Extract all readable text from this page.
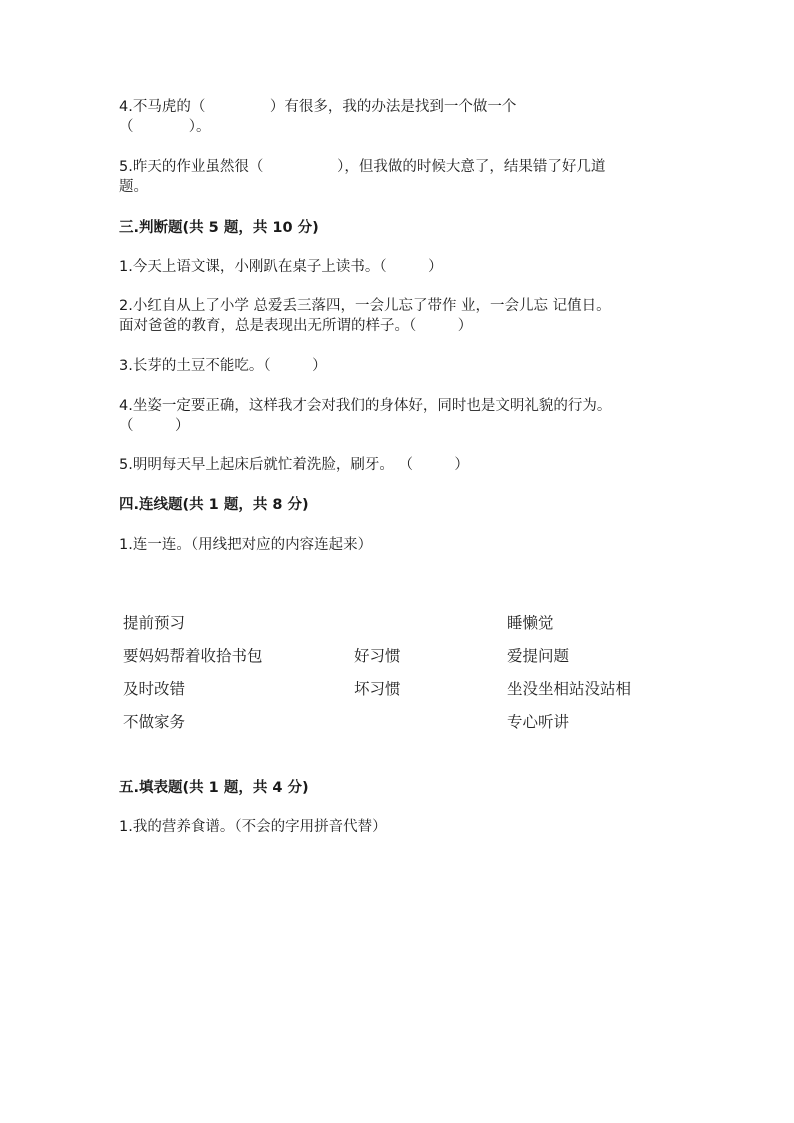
4.不马虎的（              ）有很多，我的办法是找到一个做一个
（            ）。
5.昨天的作业虽然很（                ），但我做的时候大意了，结果错了好几道
题。
三.判断题(共 5 题，共 10 分)
1.今天上语文课，小刚趴在桌子上读书。（         ）
2.小红自从上了小学 总爱丢三落四，一会儿忘了带作 业，一会儿忘 记值日。
面对爸爸的教育，总是表现出无所谓的样子。（         ）
3.长芽的土豆不能吃。（         ）
4.坐姿一定要正确，这样我才会对我们的身体好，同时也是文明礼貌的行为。
（         ）
5.明明每天早上起床后就忙着洗脸，刷牙。 （         ）
四.连线题(共 1 题，共 8 分)
1.连一连。（用线把对应的内容连起来）
提前预习
要妈妈帮着收拾书包
及时改错
不做家务
好习惯
坏习惯
睡懒觉
爱提问题
坐没坐相站没站相
专心听讲
五.填表题(共 1 题，共 4 分)
1.我的营养食谱。（不会的字用拼音代替）
